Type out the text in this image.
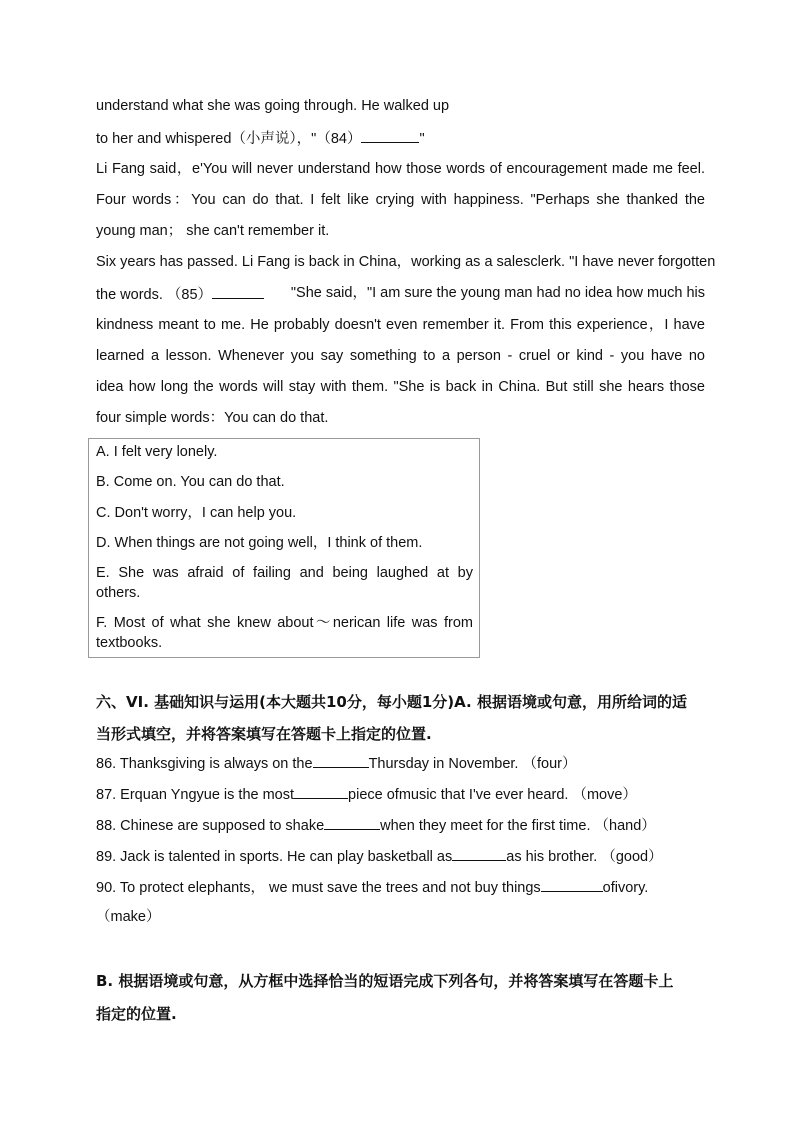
understand what she was going through. He walked up
to her and whispered（小声说），"（84）	"
Li Fang said，e'You will never understand how those words of encouragement made me feel.
Four words：You can do that. I felt like crying with happiness. "Perhaps she thanked the
young man； she can't remember it.
Six years has passed. Li Fang is back in China，working as a salesclerk. "I have never forgotten
the words. （85）	"She said，"I am sure the young man had no idea how much his
kindness meant to me. He probably doesn't even remember it. From this experience，I have
learned a lesson. Whenever you say something to a person - cruel or kind - you have no
idea how long the words will stay with them. "She is back in China. But still she hears those
four simple words：You can do that.
A. I felt very lonely.
B. Come on. You can do that.
C. Don't worry，I can help you.
D. When things are not going well，I think of them.
E. She was afraid of failing and being laughed at by others.
F. Most of what she knew about～nerican life was from textbooks.
六、VI. 基础知识与运用(本大题共10分，每小题1分)A. 根据语境或句意，用所给词的适
当形式填空，并将答案填写在答题卡上指定的位置.
86. Thanksgiving is always on the	Thursday in November. （four）
87. Erquan Yngyue is the most	piece ofmusic that I've ever heard. （move）
88. Chinese are supposed to shake	when they meet for the first time. （hand）
89. Jack is talented in sports. He can play basketball as	as his brother. （good）
90. To protect elephants， we must save the trees and not buy things	ofivory.
（make）
B. 根据语境或句意，从方框中选择恰当的短语完成下列各句，并将答案填写在答题卡上
指定的位置.
